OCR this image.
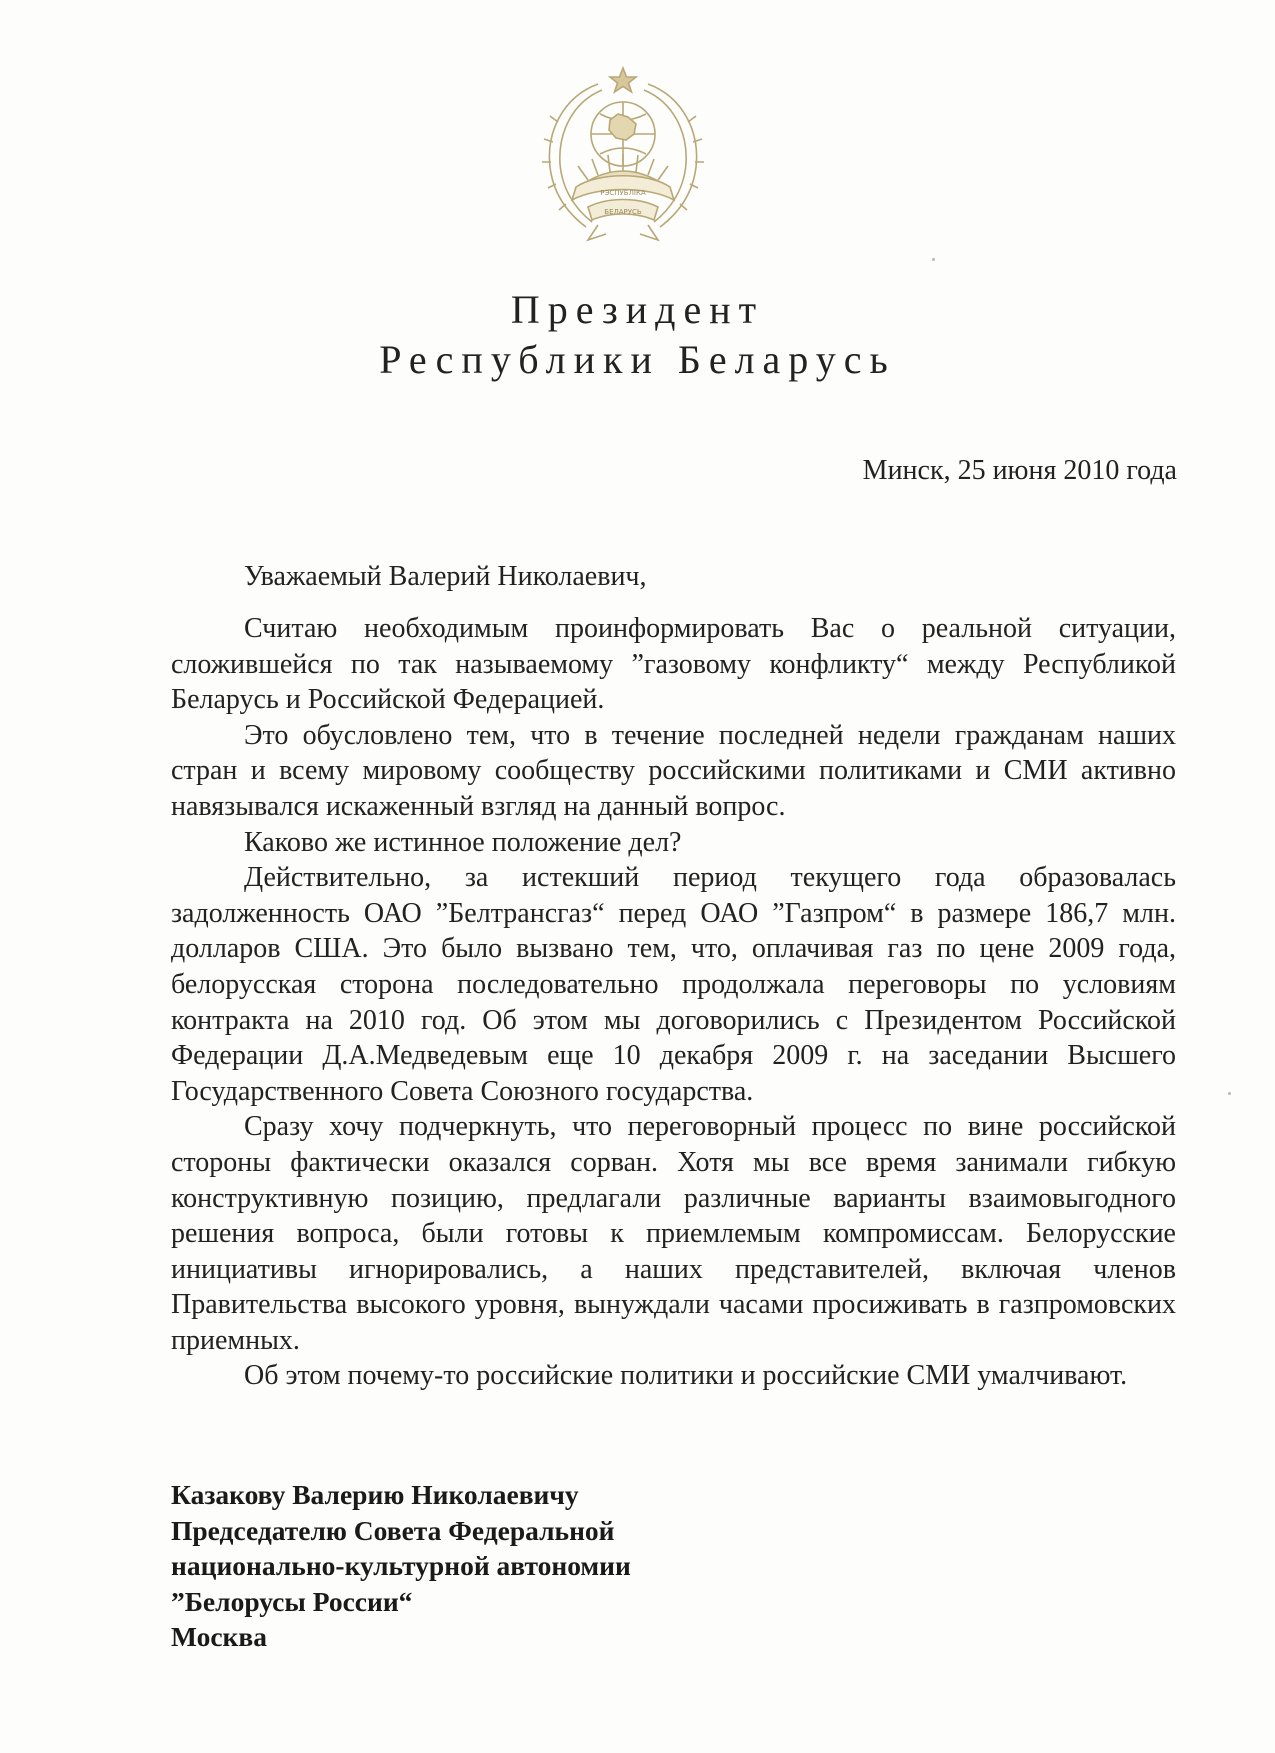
РЭСПУБЛІКА
БЕЛАРУСЬ
Президент
Республики Беларусь
Минск, 25 июня 2010 года
Уважаемый Валерий Николаевич,

Считаю необходимым проинформировать Вас о реальной ситуации, сложившейся по так называемому ”газовому конфликту“ между Республикой Беларусь и Российской Федерацией.

Это обусловлено тем, что в течение последней недели гражданам наших стран и всему мировому сообществу российскими политиками и СМИ активно навязывался искаженный взгляд на данный вопрос.

Каково же истинное положение дел?

Действительно, за истекший период текущего года образовалась задолженность ОАО ”Белтрансгаз“ перед ОАО ”Газпром“ в размере 186,7 млн. долларов США. Это было вызвано тем, что, оплачивая газ по цене 2009 года, белорусская сторона последовательно продолжала переговоры по условиям контракта на 2010 год. Об этом мы договорились с Президентом Российской Федерации Д.А.Медведевым еще 10 декабря 2009 г. на заседании Высшего Государственного Совета Союзного государства.

Сразу хочу подчеркнуть, что переговорный процесс по вине российской стороны фактически оказался сорван. Хотя мы все время занимали гибкую конструктивную позицию, предлагали различные варианты взаимовыгодного решения вопроса, были готовы к приемлемым компромиссам. Белорусские инициативы игнорировались, а наших представителей, включая членов Правительства высокого уровня, вынуждали часами просиживать в газпромовских приемных.

Об этом почему-то российские политики и российские СМИ умалчивают.

Казакову Валерию Николаевичу
Председателю Совета Федеральной
национально-культурной автономии
”Белорусы России“
Москва
